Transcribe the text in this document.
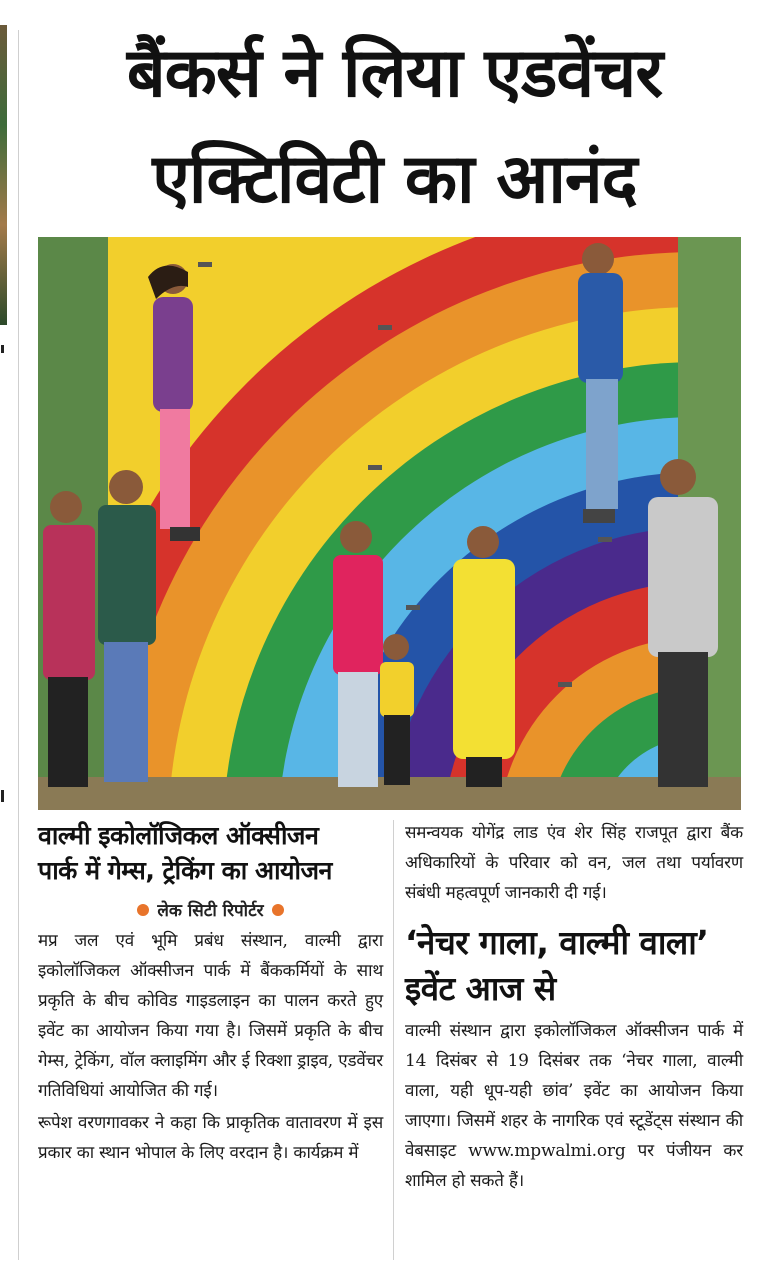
बैंकर्स ने लिया एडवेंचर
एक्टिविटी का आनंद

वाल्मी इकोलॉजिकल ऑक्सीजन

पार्क में गेम्स, ट्रेकिंग का आयोजन

लेक सिटी रिपोर्टर

मप्र जल एवं भूमि प्रबंध संस्थान, वाल्मी द्वारा इकोलॉजिकल ऑक्सीजन पार्क में बैंककर्मियों के साथ प्रकृति के बीच कोविड गाइडलाइन का पालन करते हुए इवेंट का आयोजन किया गया है। जिसमें प्रकृति के बीच गेम्स, ट्रेकिंग, वॉल क्लाइमिंग और ई रिक्शा ड्राइव, एडवेंचर गतिविधियां आयोजित की गई।

रूपेश वरणगावकर ने कहा कि प्राकृतिक वातावरण में इस प्रकार का स्थान भोपाल के लिए वरदान है। कार्यक्रम में

समन्वयक योगेंद्र लाड एंव शेर सिंह राजपूत द्वारा बैंक अधिकारियों के परिवार को वन, जल तथा पर्यावरण संबंधी महत्वपूर्ण जानकारी दी गई।

‘नेचर गाला, वाल्मी वाला’ इवेंट आज से

वाल्मी संस्थान द्वारा इकोलॉजिकल ऑक्सीजन पार्क में 14 दिसंबर से 19 दिसंबर तक ‘नेचर गाला, वाल्मी वाला, यही धूप-यही छांव’ इवेंट का आयोजन किया जाएगा। जिसमें शहर के नागरिक एवं स्टूडेंट्स संस्थान की वेबसाइट www.mpwalmi.org पर पंजीयन कर शामिल हो सकते हैं।
